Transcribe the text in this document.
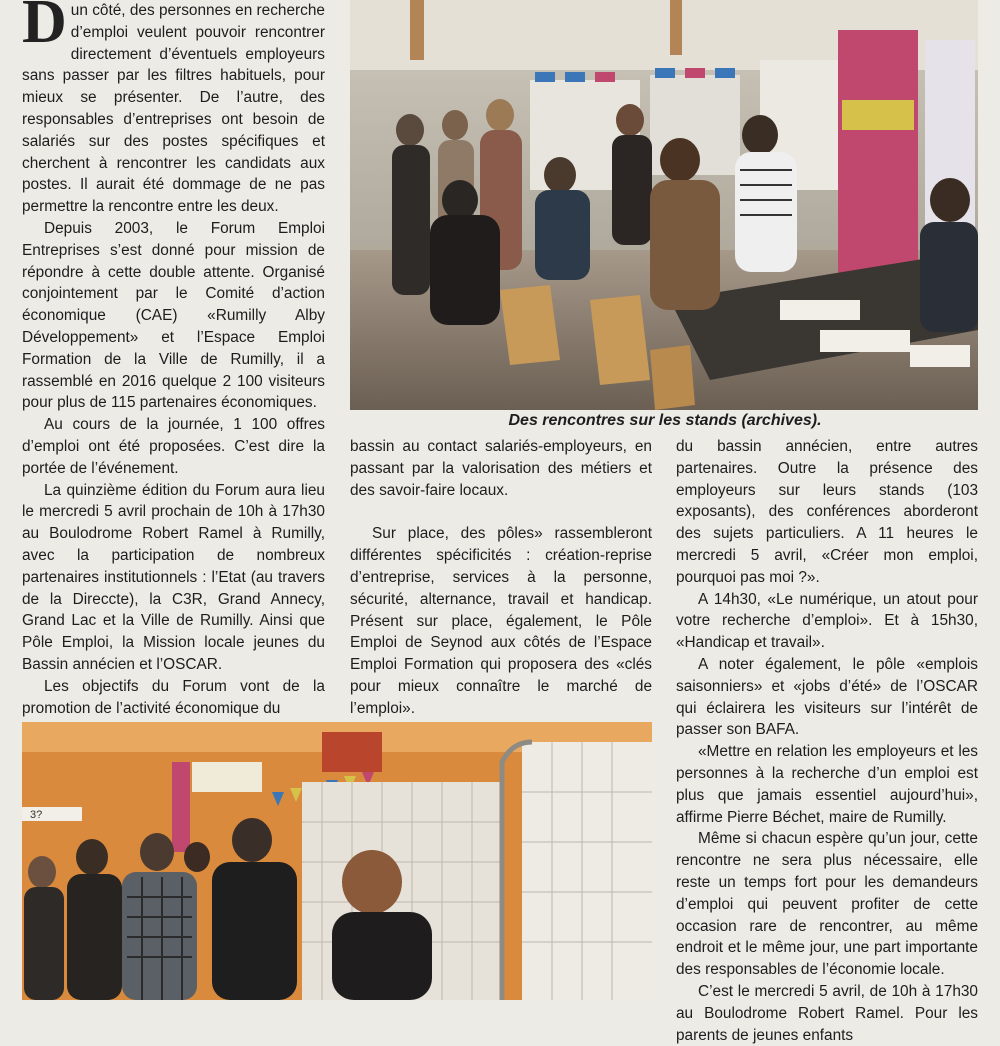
D un côté, des personnes en recherche d’emploi veulent pouvoir rencontrer directement d’éventuels employeurs sans passer par les filtres habituels, pour mieux se présenter. De l’autre, des responsables d’entreprises ont besoin de salariés sur des postes spécifiques et cherchent à rencontrer les candidats aux postes. Il aurait été dommage de ne pas permettre la rencontre entre les deux.

Depuis 2003, le Forum Emploi Entreprises s’est donné pour mission de répondre à cette double attente. Organisé conjointement par le Comité d’action économique (CAE) «Rumilly Alby Développement» et l’Espace Emploi Formation de la Ville de Rumilly, il a rassemblé en 2016 quelque 2 100 visiteurs pour plus de 115 partenaires économiques.

Au cours de la journée, 1 100 offres d’emploi ont été proposées. C’est dire la portée de l’événement.

La quinzième édition du Forum aura lieu le mercredi 5 avril prochain de 10h à 17h30 au Boulodrome Robert Ramel à Rumilly, avec la participation de nombreux partenaires institutionnels : l’Etat (au travers de la Direccte), la C3R, Grand Annecy, Grand Lac et la Ville de Rumilly. Ainsi que Pôle Emploi, la Mission locale jeunes du Bassin annécien et l’OSCAR.

Les objectifs du Forum vont de la promotion de l’activité économique du

Des rencontres sur les stands (archives).

bassin au contact salariés-employeurs, en passant par la valorisation des métiers et des savoir-faire locaux.

Sur place, des pôles» rassembleront différentes spécificités : création-reprise d’entreprise, services à la personne, sécurité, alternance, travail et handicap. Présent sur place, également, le Pôle Emploi de Seynod aux côtés de l’Espace Emploi Formation qui proposera des «clés pour mieux connaître le marché de l’emploi».

du bassin annécien, entre autres partenaires. Outre la présence des employeurs sur leurs stands (103 exposants), des conférences aborderont des sujets particuliers. A 11 heures le mercredi 5 avril, «Créer mon emploi, pourquoi pas moi ?».

A 14h30, «Le numérique, un atout pour votre recherche d’emploi». Et à 15h30, «Handicap et travail».

A noter également, le pôle «emplois saisonniers» et «jobs d’été» de l’OSCAR qui éclairera les visiteurs sur l’intérêt de passer son BAFA.

«Mettre en relation les employeurs et les personnes à la recherche d’un emploi est plus que jamais essentiel aujourd’hui», affirme Pierre Béchet, maire de Rumilly.

Même si chacun espère qu’un jour, cette rencontre ne sera plus nécessaire, elle reste un temps fort pour les demandeurs d’emploi qui peuvent profiter de cette occasion rare de rencontrer, au même endroit et le même jour, une part importante des responsables de l’économie locale.

C’est le mercredi 5 avril, de 10h à 17h30 au Boulodrome Robert Ramel. Pour les parents de jeunes enfants

3?
